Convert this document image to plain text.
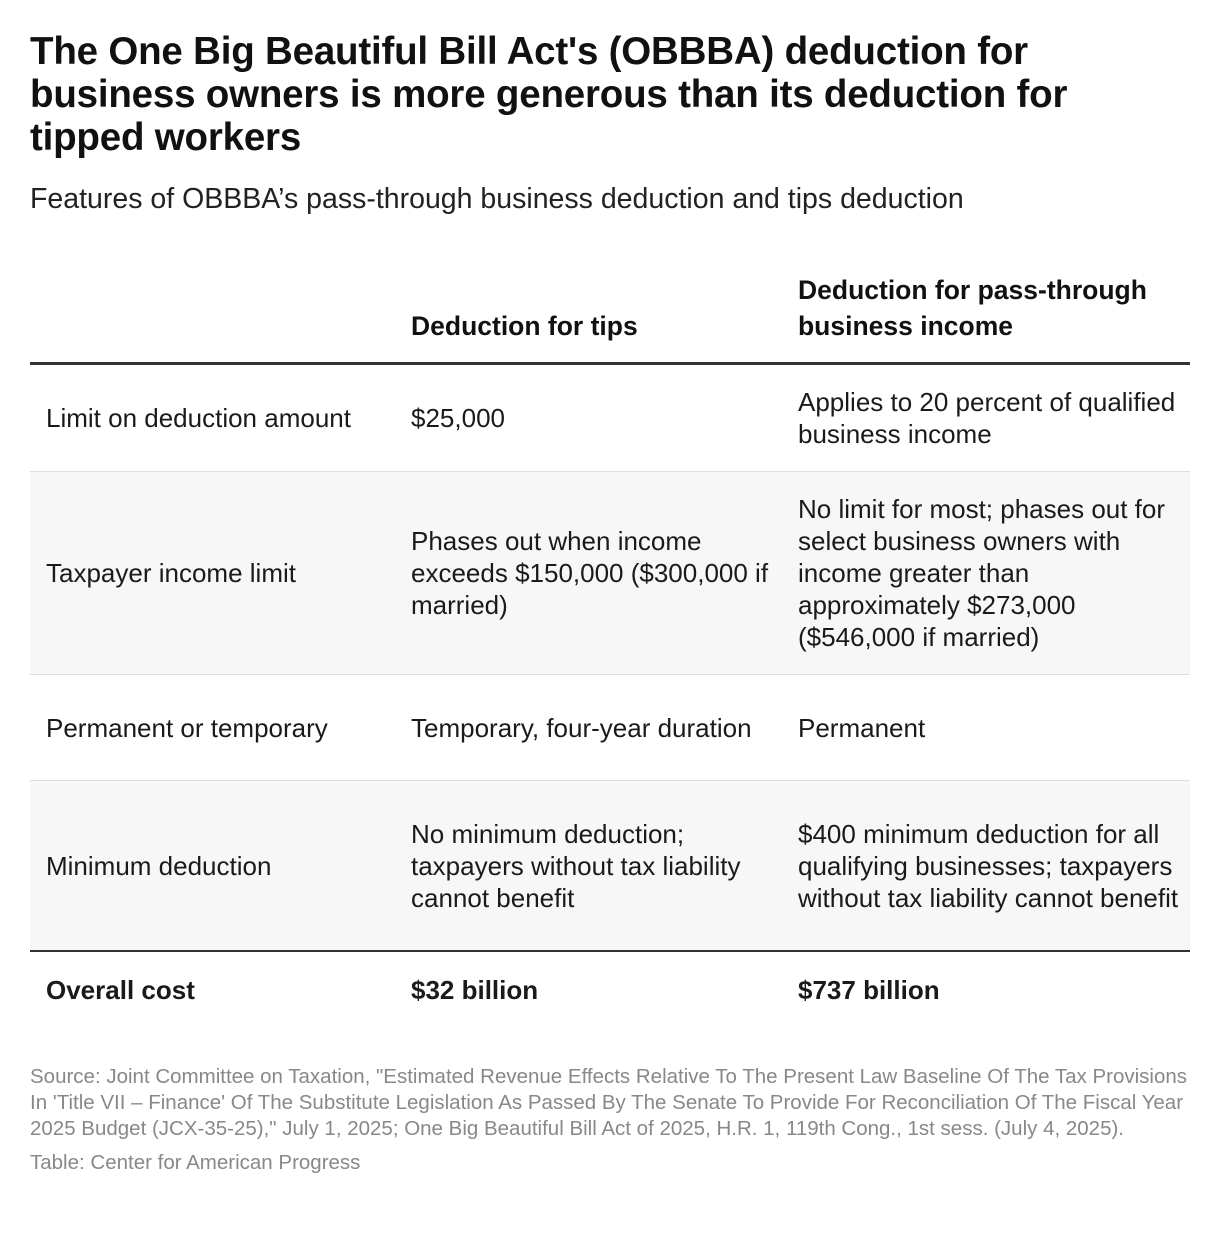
The One Big Beautiful Bill Act's (OBBBA) deduction for business owners is more generous than its deduction for tipped workers

Features of OBBBA’s pass-through business deduction and tips deduction

	Deduction for tips	Deduction for pass-through business income
Limit on deduction amount	$25,000	Applies to 20 percent of qualified business income
Taxpayer income limit	Phases out when income exceeds $150,000 ($300,000 if married)	No limit for most; phases out for select business owners with income greater than approximately $273,000 ($546,000 if married)
Permanent or temporary	Temporary, four-year duration	Permanent
Minimum deduction	No minimum deduction; taxpayers without tax liability cannot benefit	$400 minimum deduction for all qualifying businesses; taxpayers without tax liability cannot benefit
Overall cost	$32 billion	$737 billion

Source: Joint Committee on Taxation, "Estimated Revenue Effects Relative To The Present Law Baseline Of The Tax Provisions In 'Title VII – Finance' Of The Substitute Legislation As Passed By The Senate To Provide For Reconciliation Of The Fiscal Year 2025 Budget (JCX-35-25)," July 1, 2025; One Big Beautiful Bill Act of 2025, H.R. 1, 119th Cong., 1st sess. (July 4, 2025).

Table: Center for American Progress
